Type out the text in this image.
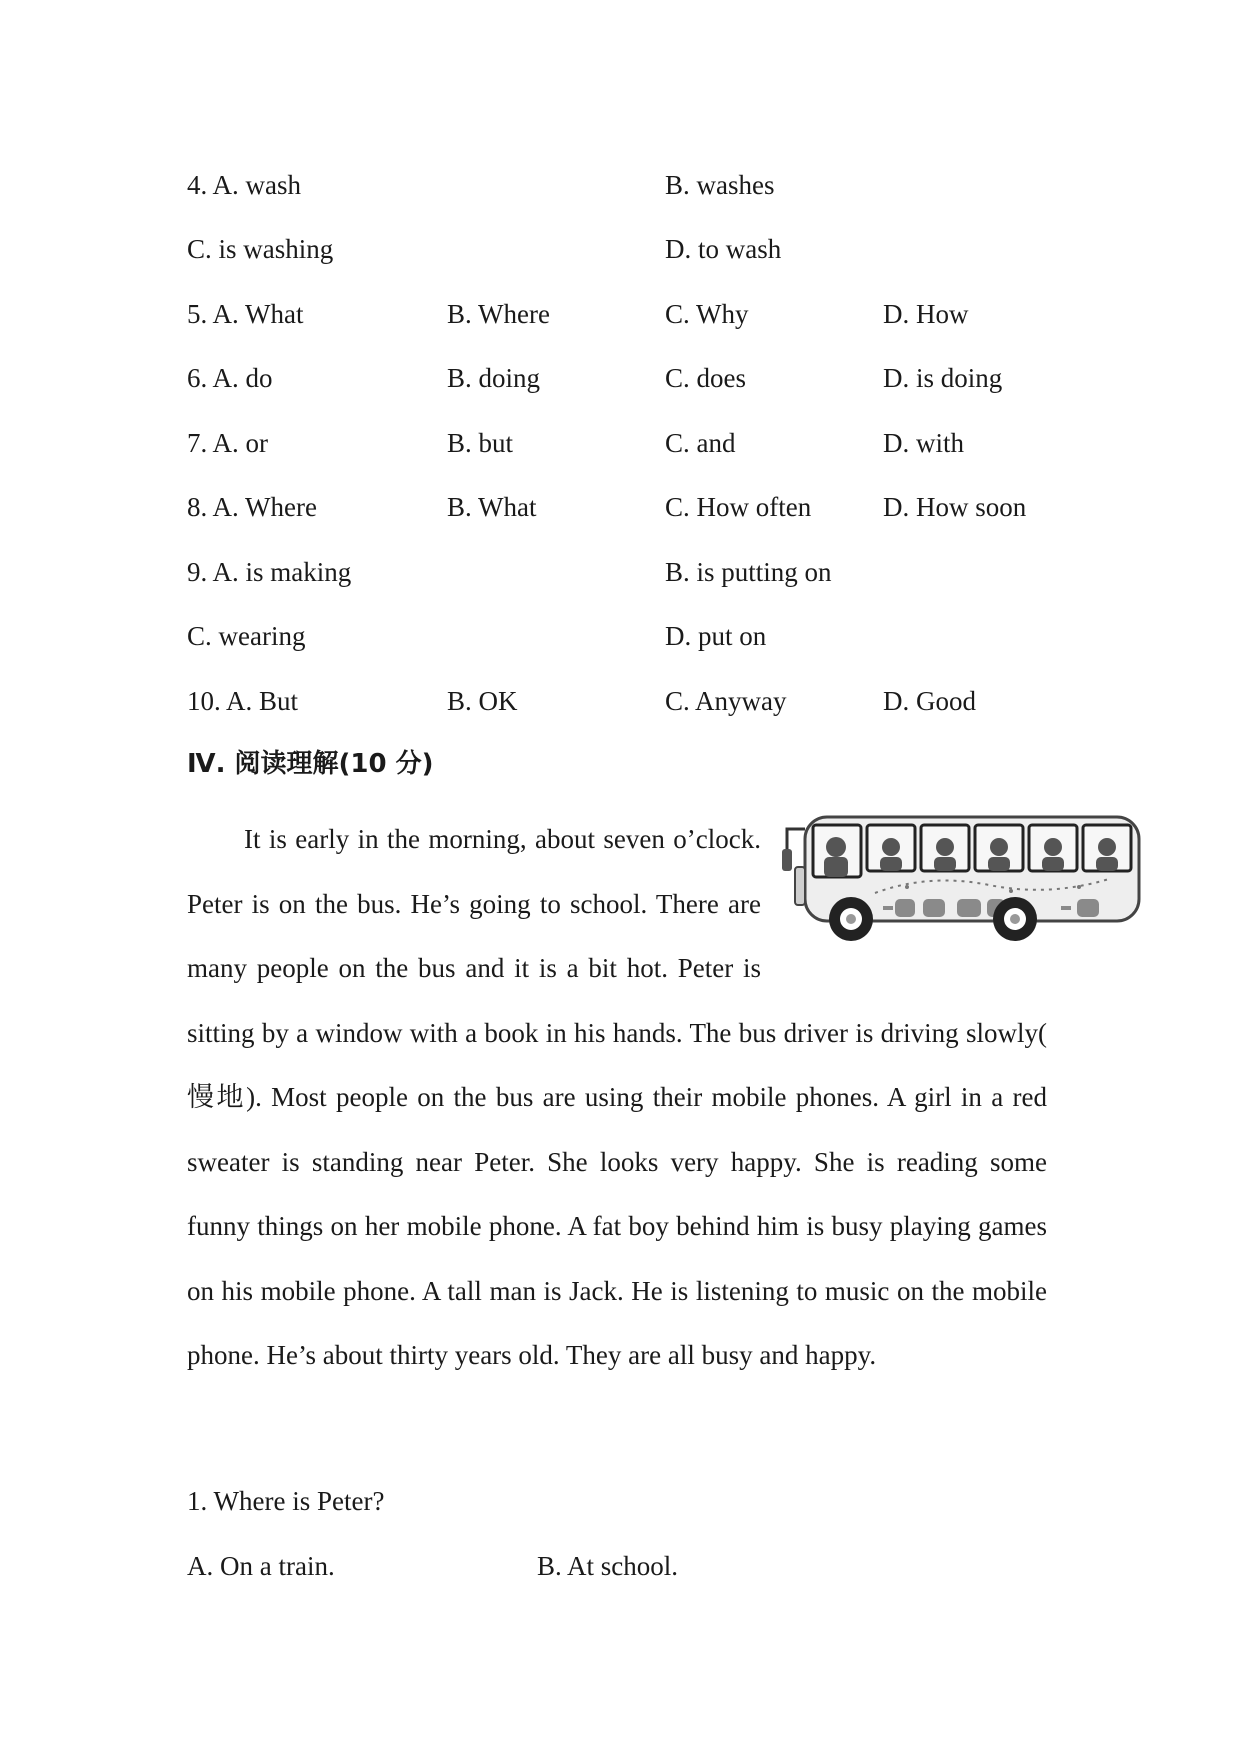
4. A. wash	B. washes
C. is washing	D. to wash
5. A. What	B. Where	C. Why	D. How
6. A. do	B. doing	C. does	D. is doing
7. A. or	B. but	C. and	D. with
8. A. Where	B. What	C. How often	D. How soon
9. A. is making	B. is putting on
C. wearing	D. put on
10. A. But	B. OK	C. Anyway	D. Good
Ⅳ. 阅读理解(10 分)

It is early in the morning, about seven o’clock. Peter is on the bus. He’s going to school. There are many people on the bus and it is a bit hot. Peter is sitting by a window with a book in his hands. The bus driver is driving slowly( 慢地). Most people on the bus are using their mobile phones. A girl in a red sweater is standing near Peter. She looks very happy. She is reading some funny things on her mobile phone. A fat boy behind him is busy playing games on his mobile phone. A tall man is Jack. He is listening to music on the mobile phone. He’s about thirty years old. They are all busy and happy.

1. Where is Peter?
A. On a train.	B. At school.
